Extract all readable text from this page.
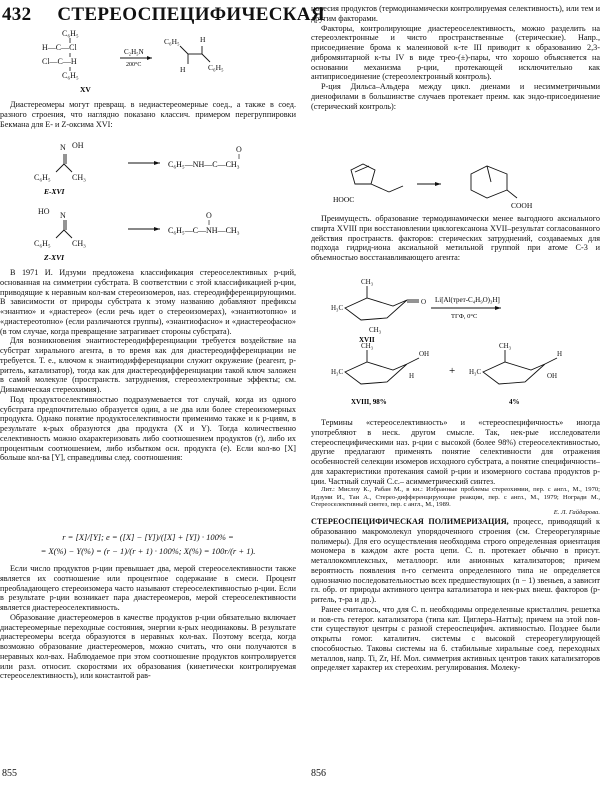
432 СТЕРЕОСПЕЦИФИЧЕСКАЯ
C₆H₅
H—C—Cl
Cl—C—H
C₆H₅
C₂H₅N
200°C
C₆H₅	H
H	C₆H₅
XV

Диастереомеры могут превращ. в недиастереомерные соед., а также в соед. разного строения, что наглядно показано классич. примером перегруппировки Бекмана для E- и Z-оксима XVI:

N OH
C₆H₅	CH₃
O
‖
C₆H₅—NH—C—CH₃
E-XVI
HO N
C₆H₅	CH₃
O
‖
C₆H₅—C—NH—CH₃
Z-XVI

В 1971 И. Идзуми предложена классификация стереоселективных р-ций, основанная на симметрии субстрата. В соответствии с этой классификацией р-ции, приводящие к неравным кол-вам стереоизомеров, наз. стереодифференцирующими. В зависимости от природы субстрата к этому названию добавляют префиксы «энантио» и «диастерео» (если речь идет о стереоизомерах), «энантиотопно» и «диастереотопно» (если различаются группы), «энантиофасно» и «диастереофасно» (в том случае, когда превращение затрагивает стороны субстрата).

Для возникновения энантиостереодифференциации требуется воздействие на субстрат хирального агента, в то время как для диастереодифференциации не требуется. Т. е., ключом к энантиодифференциации служит окружение (реагент, р-ритель, катализатор), тогда как для диастереодифференциации такой ключ заложен в самой молекуле (пространств. затруднения, стереоэлектронные эффекты; см. Динамическая стереохимия).

Под продуктоселективностью подразумевается тот случай, когда из одного субстрата предпочтительно образуется один, а не два или более стереоизомерных продукта. Однако понятие продуктоселективности применимо также и к р-циям, в результате к-рых образуются два продукта (X и Y). Тогда количественно селективность можно охарактеризовать либо соотношением продуктов (r), либо их процентным соотношением, либо избытком осн. продукта (e). Если кол-во [X] больше кол-ва [Y], справедливы след. соотношения:

r = [X]/[Y]; e = ([X] − [Y])/([X] + [Y]) · 100% =
= X(%) − Y(%) = (r − 1)/(r + 1) · 100%; X(%) = 100r/(r + 1).

Если число продуктов р-ции превышает два, мерой стереоселективности также является их соотношение или процентное содержание в смеси. Процент преобладающего стереоизомера часто называют стереоселективностью р-ции. Если в результате р-ции возникает пара диастереомеров, мерой стереоселективности является диастереоселективность.

Образование диастереомеров в качестве продуктов р-ции обязательно включает диастереомерные переходные состояния, энергии к-рых неодинаковы. В результате диастереомеры всегда образуются в неравных кол-вах. Поэтому всегда, когда возможно образование диастереомеров, можно считать, что они получаются в неравных кол-вах. Наблюдаемое при этом соотношение продуктов контролируется или разл. относит. скоростями их образования (кинетически контролируемая стереоселективность), или константой рав-

855

новесия продуктов (термодинамически контролируемая селективность), или тем и другим факторами.

Факторы, контролирующие диастереоселективность, можно разделить на стереоэлектронные и чисто пространственные (стерические). Напр., присоединение брома к малеиновой к-те III приводит к образованию 2,3-дибромянтарной к-ты IV в виде трео-(±)-пары, что хорошо объясняется на основании механизма р-ции, протекающей исключительно как антиприсоединение (стереоэлектронный контроль).

Р-ция Дильса–Альдера между цикл. диенами и несимметричными диенофилами в большинстве случаев протекает преим. как эндо-присоединение (стерический контроль):

HOOC
COOH

Преимущесть. образование термодинамически менее выгодного аксиального спирта XVIII при восстановлении циклогексанона XVII–результат согласованного действия пространств. факторов: стерических затруднений, создаваемых для подхода гидрид-иона аксиальной метильной группой при атоме С-3 и объемностью восстанавливающего агента:

H₃C
CH₃
CH₃
O
H₃C
CH₃
OH
H	H₃C
CH₃
H
OH
Li[Al(трет-C₄H₉O)₃H]
ТГФ, 0°C
XVII
XVIII, 98%
+
4%

Термины «стереоселективность» и «стереоспецифичность» иногда употребляют в неск. другом смысле. Так, нек-рые исследователи стереоспецифическими наз. р-ции с высокой (более 98%) стереоселективностью, другие предлагают применять понятие селективности для отражения особенностей селекции изомеров исходного субстрата, а понятие специфичности–для характеристики протекания самой р-ции и изомерного состава продуктов р-ции. Частный случай С.с.– асимметрический синтез.

Лит.: Мислоу К., Рабан М., в кн.: Избранные проблемы стереохимии, пер. с англ., М., 1970; Идзуми И., Таи А., Стерео-дифференцирующие реакции, пер. с англ., М., 1979; Ногради М., Стереоселективный синтез, пер. с англ., М., 1989.

Е. Л. Гайдарова.

СТЕРЕОСПЕЦИФИЧЕСКАЯ ПОЛИМЕРИЗАЦИЯ, процесс, приводящий к образованию макромолекул упорядоченного строения (см. Стереорегулярные полимеры). Для его осуществления необходима строго определенная ориентация мономера в каждом акте роста цепи. С. п. протекает обычно в присут. металлокомплексных, металлоорг. или анионных катализаторов; причем вероятность появления n-го сегмента определенного типа не определяется однозначно последовательностью всех предшествующих (n − 1) звеньев, а зависит гл. обр. от природы активного центра катализатора и нек-рых внеш. факторов (р-ритель, т-ра и др.).

Ранее считалось, что для С. п. необходимы определенные кристаллич. решетка и пов-сть гетерог. катализатора (типа кат. Циглера–Натты); причем на этой пов-сти существуют центры с разной стереоспецифич. активностью. Позднее были открыты гомог. каталитич. системы с высокой стереорегулирующей способностью. Таковы системы на б. стабильные хиральные соед. переходных металлов, напр. Ti, Zr, Hf. Мол. симметрия активных центров таких катализаторов определяет характер их стереохим. регулирования. Молеку-

856
